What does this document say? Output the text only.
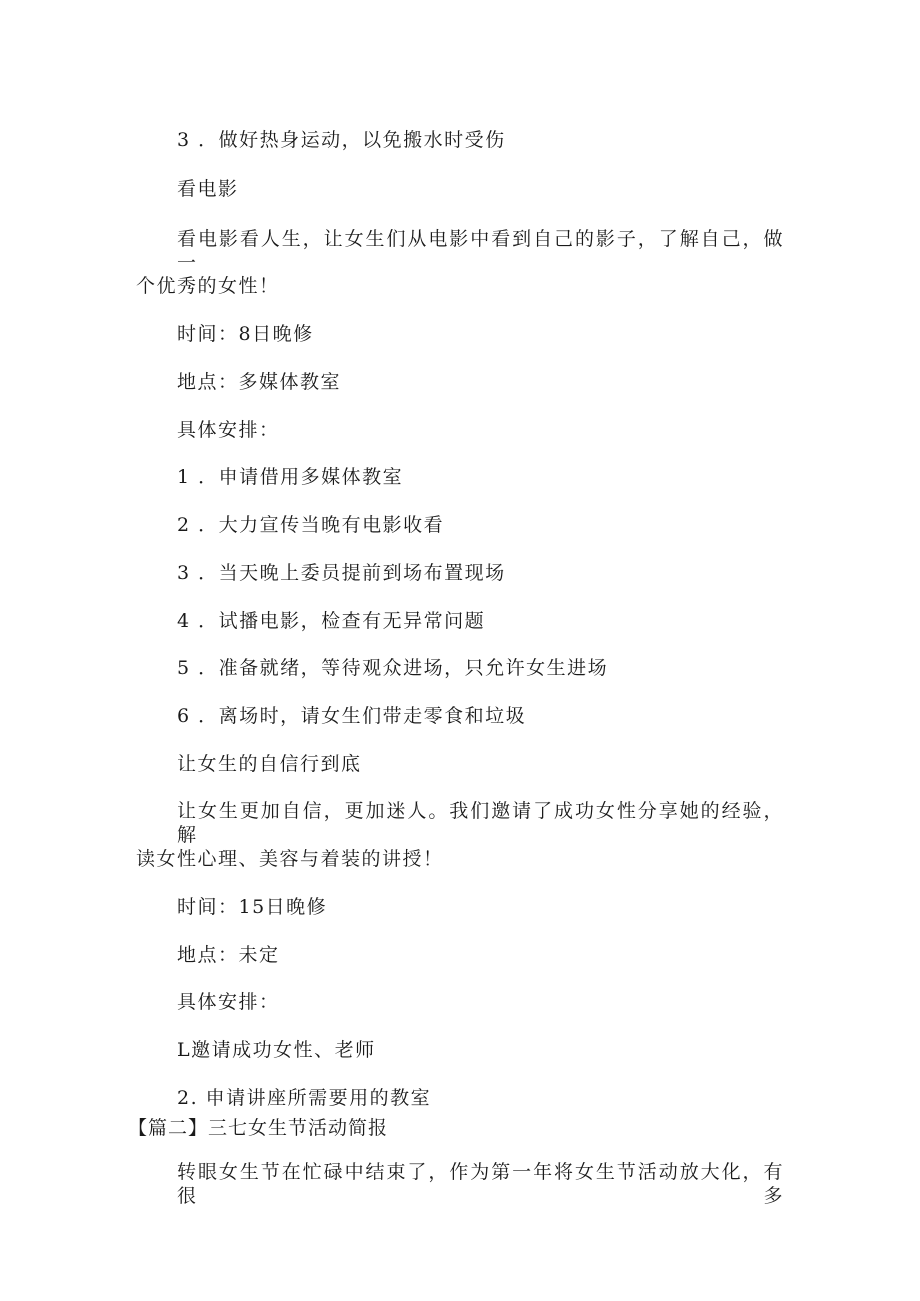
3 ．做好热身运动，以免搬水时受伤
看电影
看电影看人生，让女生们从电影中看到自己的影子，了解自己，做一
个优秀的女性！
时间：8日晚修
地点：多媒体教室
具体安排：
1 ．申请借用多媒体教室
2 ．大力宣传当晚有电影收看
3 ．当天晚上委员提前到场布置现场
4 ．试播电影，检查有无异常问题
5 ．准备就绪，等待观众进场，只允许女生进场
6 ．离场时，请女生们带走零食和垃圾
让女生的自信行到底
让女生更加自信，更加迷人。我们邀请了成功女性分享她的经验，解
读女性心理、美容与着装的讲授！
时间：15日晚修
地点：未定
具体安排：
L邀请成功女性、老师
2. 申请讲座所需要用的教室
【篇二】三七女生节活动简报
转眼女生节在忙碌中结束了，作为第一年将女生节活动放大化，有很多
